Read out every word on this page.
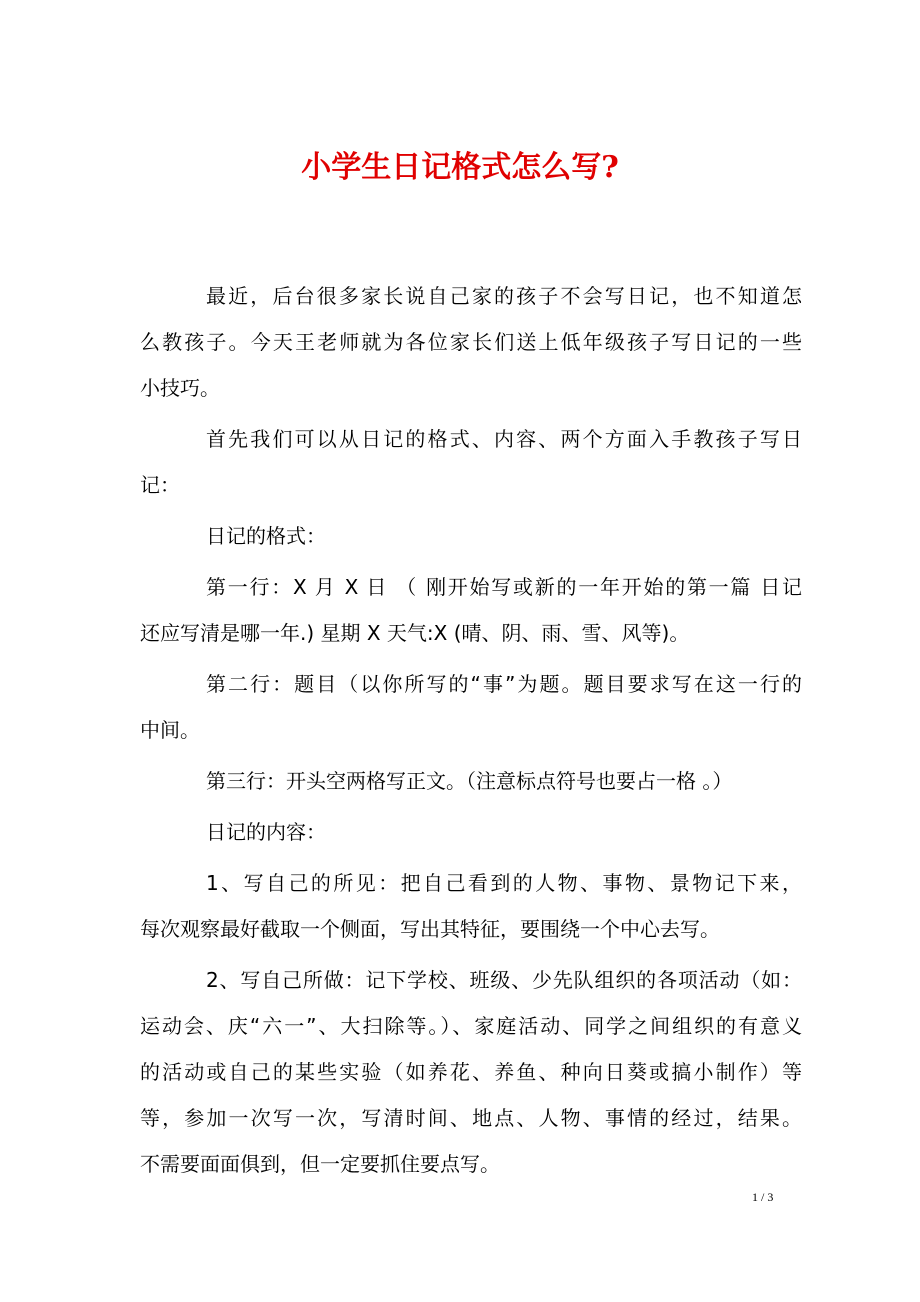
小学生日记格式怎么写?
最近，后台很多家长说自己家的孩子不会写日记，也不知道怎
么教孩子。今天王老师就为各位家长们送上低年级孩子写日记的一些
小技巧。
首先我们可以从日记的格式、内容、两个方面入手教孩子写日
记：
日记的格式：
第一行：X 月 X 日 （ 刚开始写或新的一年开始的第一篇 日记
还应写清是哪一年.) 星期 X 天气:X (晴、阴、雨、雪、风等)。
第二行：题目（以你所写的“事”为题。题目要求写在这一行的
中间。
第三行：开头空两格写正文。（注意标点符号也要占一格 。）
日记的内容：
1、写自己的所见：把自己看到的人物、事物、景物记下来，
每次观察最好截取一个侧面，写出其特征，要围绕一个中心去写。
2、写自己所做：记下学校、班级、少先队组织的各项活动（如：
运动会、庆“六一”、大扫除等。）、家庭活动、同学之间组织的有意义
的活动或自己的某些实验（如养花、养鱼、种向日葵或搞小制作）等
等，参加一次写一次，写清时间、地点、人物、事情的经过，结果。
不需要面面俱到，但一定要抓住要点写。
1 / 3
